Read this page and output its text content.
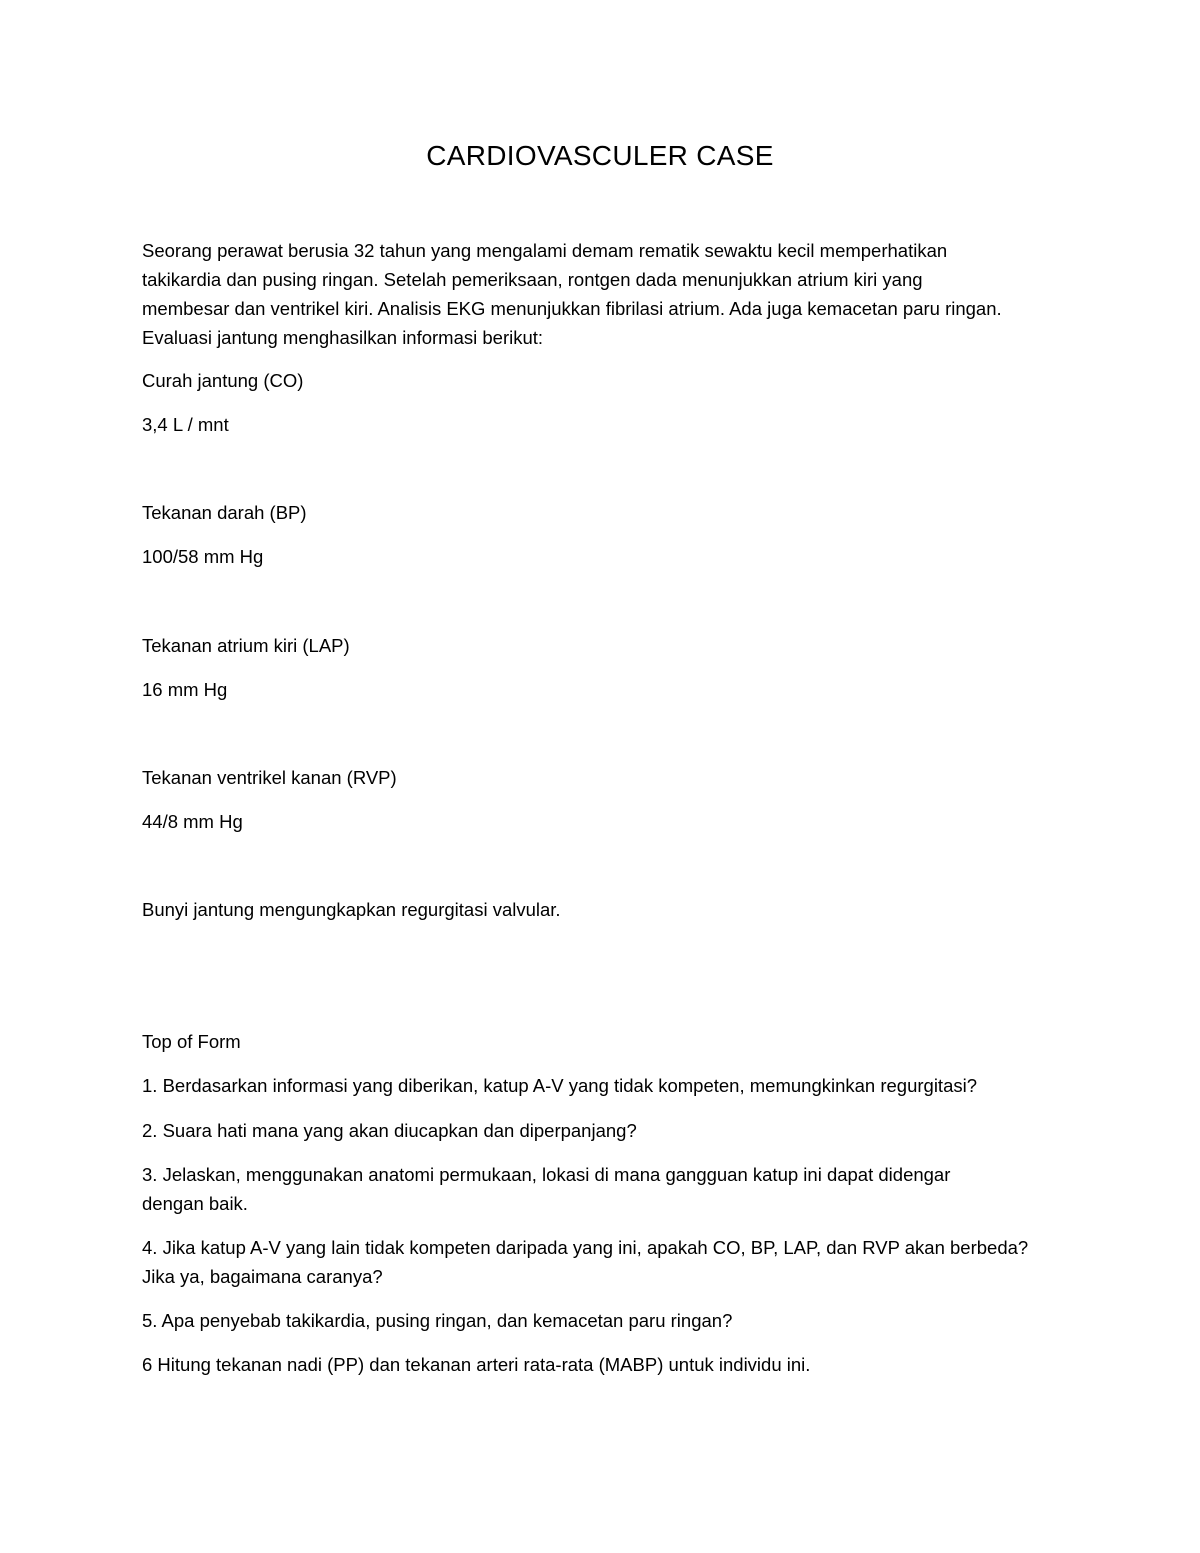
CARDIOVASCULER CASE

Seorang perawat berusia 32 tahun yang mengalami demam rematik sewaktu kecil memperhatikan

takikardia dan pusing ringan. Setelah pemeriksaan, rontgen dada menunjukkan atrium kiri yang

membesar dan ventrikel kiri. Analisis EKG menunjukkan fibrilasi atrium. Ada juga kemacetan paru ringan.

Evaluasi jantung menghasilkan informasi berikut:

Curah jantung (CO)

3,4 L / mnt

Tekanan darah (BP)

100/58 mm Hg

Tekanan atrium kiri (LAP)

16 mm Hg

Tekanan ventrikel kanan (RVP)

44/8 mm Hg

Bunyi jantung mengungkapkan regurgitasi valvular.

Top of Form

1. Berdasarkan informasi yang diberikan, katup A-V yang tidak kompeten, memungkinkan regurgitasi?

2. Suara hati mana yang akan diucapkan dan diperpanjang?

3. Jelaskan, menggunakan anatomi permukaan, lokasi di mana gangguan katup ini dapat didengar

dengan baik.

4. Jika katup A-V yang lain tidak kompeten daripada yang ini, apakah CO, BP, LAP, dan RVP akan berbeda?

Jika ya, bagaimana caranya?

5. Apa penyebab takikardia, pusing ringan, dan kemacetan paru ringan?

6 Hitung tekanan nadi (PP) dan tekanan arteri rata-rata (MABP) untuk individu ini.
